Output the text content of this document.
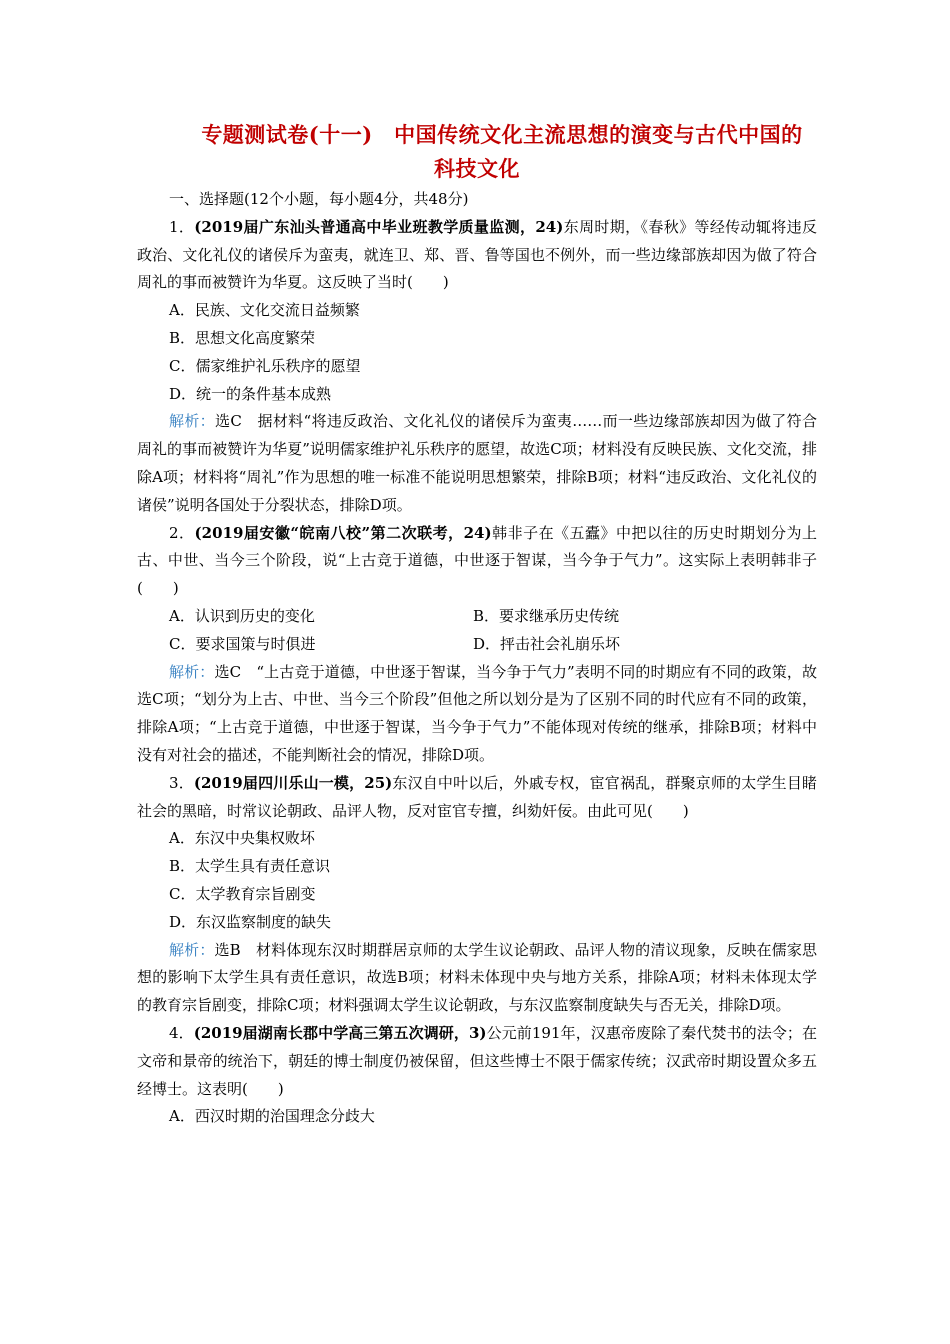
专题测试卷(十一)　中国传统文化主流思想的演变与古代中国的
科技文化
一、选择题(12个小题，每小题4分，共48分)

1．(2019届广东汕头普通高中毕业班教学质量监测，24)东周时期，《春秋》等经传动辄将违反政治、文化礼仪的诸侯斥为蛮夷，就连卫、郑、晋、鲁等国也不例外，而一些边缘部族却因为做了符合周礼的事而被赞许为华夏。这反映了当时(　　)

A．民族、文化交流日益频繁
B．思想文化高度繁荣
C．儒家维护礼乐秩序的愿望
D．统一的条件基本成熟

解析：选C　据材料“将违反政治、文化礼仪的诸侯斥为蛮夷……而一些边缘部族却因为做了符合周礼的事而被赞许为华夏”说明儒家维护礼乐秩序的愿望，故选C项；材料没有反映民族、文化交流，排除A项；材料将“周礼”作为思想的唯一标准不能说明思想繁荣，排除B项；材料“违反政治、文化礼仪的诸侯”说明各国处于分裂状态，排除D项。

2．(2019届安徽“皖南八校”第二次联考，24)韩非子在《五蠹》中把以往的历史时期划分为上古、中世、当今三个阶段，说“上古竞于道德，中世逐于智谋，当今争于气力”。这实际上表明韩非子(　　)

A．认识到历史的变化	B．要求继承历史传统
C．要求国策与时俱进	D．抨击社会礼崩乐坏

解析：选C　“上古竞于道德，中世逐于智谋，当今争于气力”表明不同的时期应有不同的政策，故选C项；“划分为上古、中世、当今三个阶段”但他之所以划分是为了区别不同的时代应有不同的政策，排除A项；“上古竞于道德，中世逐于智谋，当今争于气力”不能体现对传统的继承，排除B项；材料中没有对社会的描述，不能判断社会的情况，排除D项。

3．(2019届四川乐山一模，25)东汉自中叶以后，外戚专权，宦官祸乱，群聚京师的太学生目睹社会的黑暗，时常议论朝政、品评人物，反对宦官专擅，纠劾奸佞。由此可见(　　)

A．东汉中央集权败坏
B．太学生具有责任意识
C．太学教育宗旨剧变
D．东汉监察制度的缺失

解析：选B　材料体现东汉时期群居京师的太学生议论朝政、品评人物的清议现象，反映在儒家思想的影响下太学生具有责任意识，故选B项；材料未体现中央与地方关系，排除A项；材料未体现太学的教育宗旨剧变，排除C项；材料强调太学生议论朝政，与东汉监察制度缺失与否无关，排除D项。

4．(2019届湖南长郡中学高三第五次调研，3)公元前191年，汉惠帝废除了秦代焚书的法令；在文帝和景帝的统治下，朝廷的博士制度仍被保留，但这些博士不限于儒家传统；汉武帝时期设置众多五经博士。这表明(　　)

A．西汉时期的治国理念分歧大
